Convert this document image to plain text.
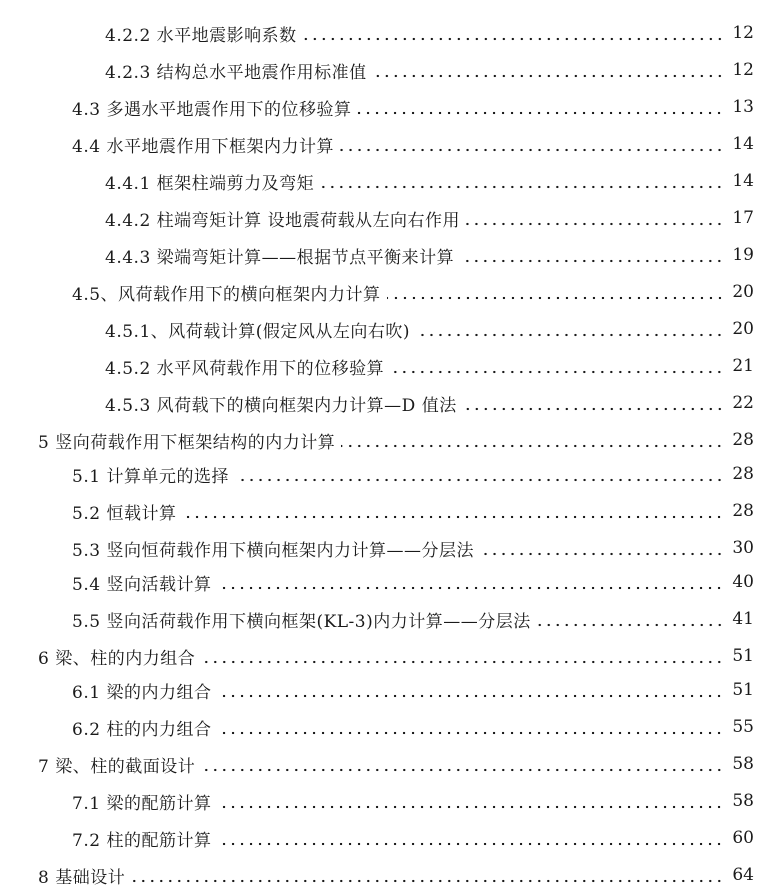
4.2.2 水平地震影响系数	12
4.2.3 结构总水平地震作用标准值	12
4.3 多遇水平地震作用下的位移验算	13
4.4 水平地震作用下框架内力计算	14
4.4.1 框架柱端剪力及弯矩	14
4.4.2 柱端弯矩计算 设地震荷载从左向右作用	17
4.4.3 梁端弯矩计算——根据节点平衡来计算	19
4.5、风荷载作用下的横向框架内力计算	20
4.5.1、风荷载计算(假定风从左向右吹)	20
4.5.2 水平风荷载作用下的位移验算	21
4.5.3 风荷载下的横向框架内力计算—D 值法	22
5 竖向荷载作用下框架结构的内力计算	28
5.1 计算单元的选择	28
5.2 恒载计算	28
5.3 竖向恒荷载作用下横向框架内力计算——分层法	30
5.4 竖向活载计算	40
5.5 竖向活荷载作用下横向框架(KL-3)内力计算——分层法	41
6 梁、柱的内力组合	51
6.1 梁的内力组合	51
6.2 柱的内力组合	55
7 梁、柱的截面设计	58
7.1 梁的配筋计算	58
7.2 柱的配筋计算	60
8 基础设计	64
